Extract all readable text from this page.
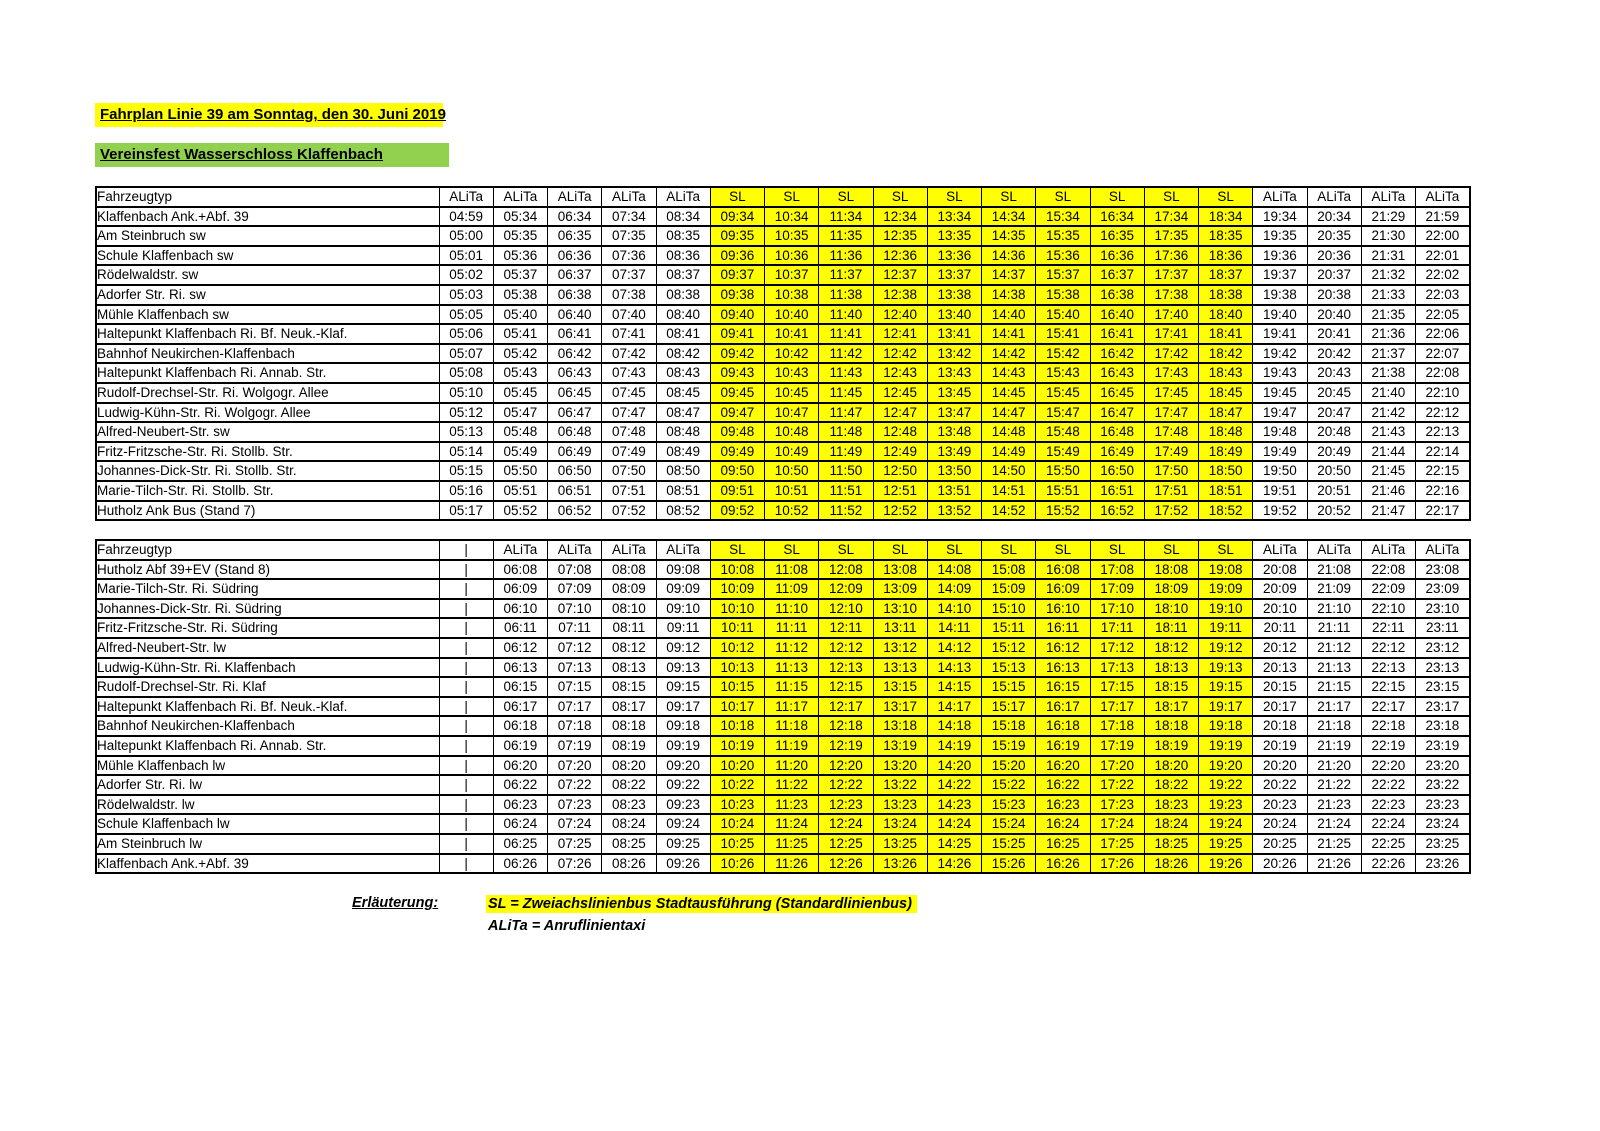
Fahrplan Linie 39 am Sonntag, den 30. Juni 2019
Vereinsfest Wasserschloss Klaffenbach
Fahrzeugtyp	ALiTa	ALiTa	ALiTa	ALiTa	ALiTa	SL	SL	SL	SL	SL	SL	SL	SL	SL	SL	ALiTa	ALiTa	ALiTa	ALiTa
Klaffenbach Ank.+Abf. 39	04:59	05:34	06:34	07:34	08:34	09:34	10:34	11:34	12:34	13:34	14:34	15:34	16:34	17:34	18:34	19:34	20:34	21:29	21:59
Am Steinbruch sw	05:00	05:35	06:35	07:35	08:35	09:35	10:35	11:35	12:35	13:35	14:35	15:35	16:35	17:35	18:35	19:35	20:35	21:30	22:00
Schule Klaffenbach sw	05:01	05:36	06:36	07:36	08:36	09:36	10:36	11:36	12:36	13:36	14:36	15:36	16:36	17:36	18:36	19:36	20:36	21:31	22:01
Rödelwaldstr. sw	05:02	05:37	06:37	07:37	08:37	09:37	10:37	11:37	12:37	13:37	14:37	15:37	16:37	17:37	18:37	19:37	20:37	21:32	22:02
Adorfer Str. Ri. sw	05:03	05:38	06:38	07:38	08:38	09:38	10:38	11:38	12:38	13:38	14:38	15:38	16:38	17:38	18:38	19:38	20:38	21:33	22:03
Mühle Klaffenbach sw	05:05	05:40	06:40	07:40	08:40	09:40	10:40	11:40	12:40	13:40	14:40	15:40	16:40	17:40	18:40	19:40	20:40	21:35	22:05
Haltepunkt Klaffenbach Ri. Bf. Neuk.-Klaf.	05:06	05:41	06:41	07:41	08:41	09:41	10:41	11:41	12:41	13:41	14:41	15:41	16:41	17:41	18:41	19:41	20:41	21:36	22:06
Bahnhof Neukirchen-Klaffenbach	05:07	05:42	06:42	07:42	08:42	09:42	10:42	11:42	12:42	13:42	14:42	15:42	16:42	17:42	18:42	19:42	20:42	21:37	22:07
Haltepunkt Klaffenbach Ri. Annab. Str.	05:08	05:43	06:43	07:43	08:43	09:43	10:43	11:43	12:43	13:43	14:43	15:43	16:43	17:43	18:43	19:43	20:43	21:38	22:08
Rudolf-Drechsel-Str. Ri. Wolgogr. Allee	05:10	05:45	06:45	07:45	08:45	09:45	10:45	11:45	12:45	13:45	14:45	15:45	16:45	17:45	18:45	19:45	20:45	21:40	22:10
Ludwig-Kühn-Str. Ri. Wolgogr. Allee	05:12	05:47	06:47	07:47	08:47	09:47	10:47	11:47	12:47	13:47	14:47	15:47	16:47	17:47	18:47	19:47	20:47	21:42	22:12
Alfred-Neubert-Str. sw	05:13	05:48	06:48	07:48	08:48	09:48	10:48	11:48	12:48	13:48	14:48	15:48	16:48	17:48	18:48	19:48	20:48	21:43	22:13
Fritz-Fritzsche-Str. Ri. Stollb. Str.	05:14	05:49	06:49	07:49	08:49	09:49	10:49	11:49	12:49	13:49	14:49	15:49	16:49	17:49	18:49	19:49	20:49	21:44	22:14
Johannes-Dick-Str. Ri. Stollb. Str.	05:15	05:50	06:50	07:50	08:50	09:50	10:50	11:50	12:50	13:50	14:50	15:50	16:50	17:50	18:50	19:50	20:50	21:45	22:15
Marie-Tilch-Str. Ri. Stollb. Str.	05:16	05:51	06:51	07:51	08:51	09:51	10:51	11:51	12:51	13:51	14:51	15:51	16:51	17:51	18:51	19:51	20:51	21:46	22:16
Hutholz Ank Bus (Stand 7)	05:17	05:52	06:52	07:52	08:52	09:52	10:52	11:52	12:52	13:52	14:52	15:52	16:52	17:52	18:52	19:52	20:52	21:47	22:17
Fahrzeugtyp	|	ALiTa	ALiTa	ALiTa	ALiTa	SL	SL	SL	SL	SL	SL	SL	SL	SL	SL	ALiTa	ALiTa	ALiTa	ALiTa
Hutholz Abf 39+EV (Stand 8)	|	06:08	07:08	08:08	09:08	10:08	11:08	12:08	13:08	14:08	15:08	16:08	17:08	18:08	19:08	20:08	21:08	22:08	23:08
Marie-Tilch-Str. Ri. Südring	|	06:09	07:09	08:09	09:09	10:09	11:09	12:09	13:09	14:09	15:09	16:09	17:09	18:09	19:09	20:09	21:09	22:09	23:09
Johannes-Dick-Str. Ri. Südring	|	06:10	07:10	08:10	09:10	10:10	11:10	12:10	13:10	14:10	15:10	16:10	17:10	18:10	19:10	20:10	21:10	22:10	23:10
Fritz-Fritzsche-Str. Ri. Südring	|	06:11	07:11	08:11	09:11	10:11	11:11	12:11	13:11	14:11	15:11	16:11	17:11	18:11	19:11	20:11	21:11	22:11	23:11
Alfred-Neubert-Str. lw	|	06:12	07:12	08:12	09:12	10:12	11:12	12:12	13:12	14:12	15:12	16:12	17:12	18:12	19:12	20:12	21:12	22:12	23:12
Ludwig-Kühn-Str. Ri. Klaffenbach	|	06:13	07:13	08:13	09:13	10:13	11:13	12:13	13:13	14:13	15:13	16:13	17:13	18:13	19:13	20:13	21:13	22:13	23:13
Rudolf-Drechsel-Str. Ri. Klaf	|	06:15	07:15	08:15	09:15	10:15	11:15	12:15	13:15	14:15	15:15	16:15	17:15	18:15	19:15	20:15	21:15	22:15	23:15
Haltepunkt Klaffenbach Ri. Bf. Neuk.-Klaf.	|	06:17	07:17	08:17	09:17	10:17	11:17	12:17	13:17	14:17	15:17	16:17	17:17	18:17	19:17	20:17	21:17	22:17	23:17
Bahnhof Neukirchen-Klaffenbach	|	06:18	07:18	08:18	09:18	10:18	11:18	12:18	13:18	14:18	15:18	16:18	17:18	18:18	19:18	20:18	21:18	22:18	23:18
Haltepunkt Klaffenbach Ri. Annab. Str.	|	06:19	07:19	08:19	09:19	10:19	11:19	12:19	13:19	14:19	15:19	16:19	17:19	18:19	19:19	20:19	21:19	22:19	23:19
Mühle Klaffenbach lw	|	06:20	07:20	08:20	09:20	10:20	11:20	12:20	13:20	14:20	15:20	16:20	17:20	18:20	19:20	20:20	21:20	22:20	23:20
Adorfer Str. Ri. lw	|	06:22	07:22	08:22	09:22	10:22	11:22	12:22	13:22	14:22	15:22	16:22	17:22	18:22	19:22	20:22	21:22	22:22	23:22
Rödelwaldstr. lw	|	06:23	07:23	08:23	09:23	10:23	11:23	12:23	13:23	14:23	15:23	16:23	17:23	18:23	19:23	20:23	21:23	22:23	23:23
Schule Klaffenbach lw	|	06:24	07:24	08:24	09:24	10:24	11:24	12:24	13:24	14:24	15:24	16:24	17:24	18:24	19:24	20:24	21:24	22:24	23:24
Am Steinbruch lw	|	06:25	07:25	08:25	09:25	10:25	11:25	12:25	13:25	14:25	15:25	16:25	17:25	18:25	19:25	20:25	21:25	22:25	23:25
Klaffenbach Ank.+Abf. 39	|	06:26	07:26	08:26	09:26	10:26	11:26	12:26	13:26	14:26	15:26	16:26	17:26	18:26	19:26	20:26	21:26	22:26	23:26
Erläuterung:	SL = Zweiachslinienbus Stadtausführung (Standardlinienbus)
ALiTa = Anruflinientaxi
